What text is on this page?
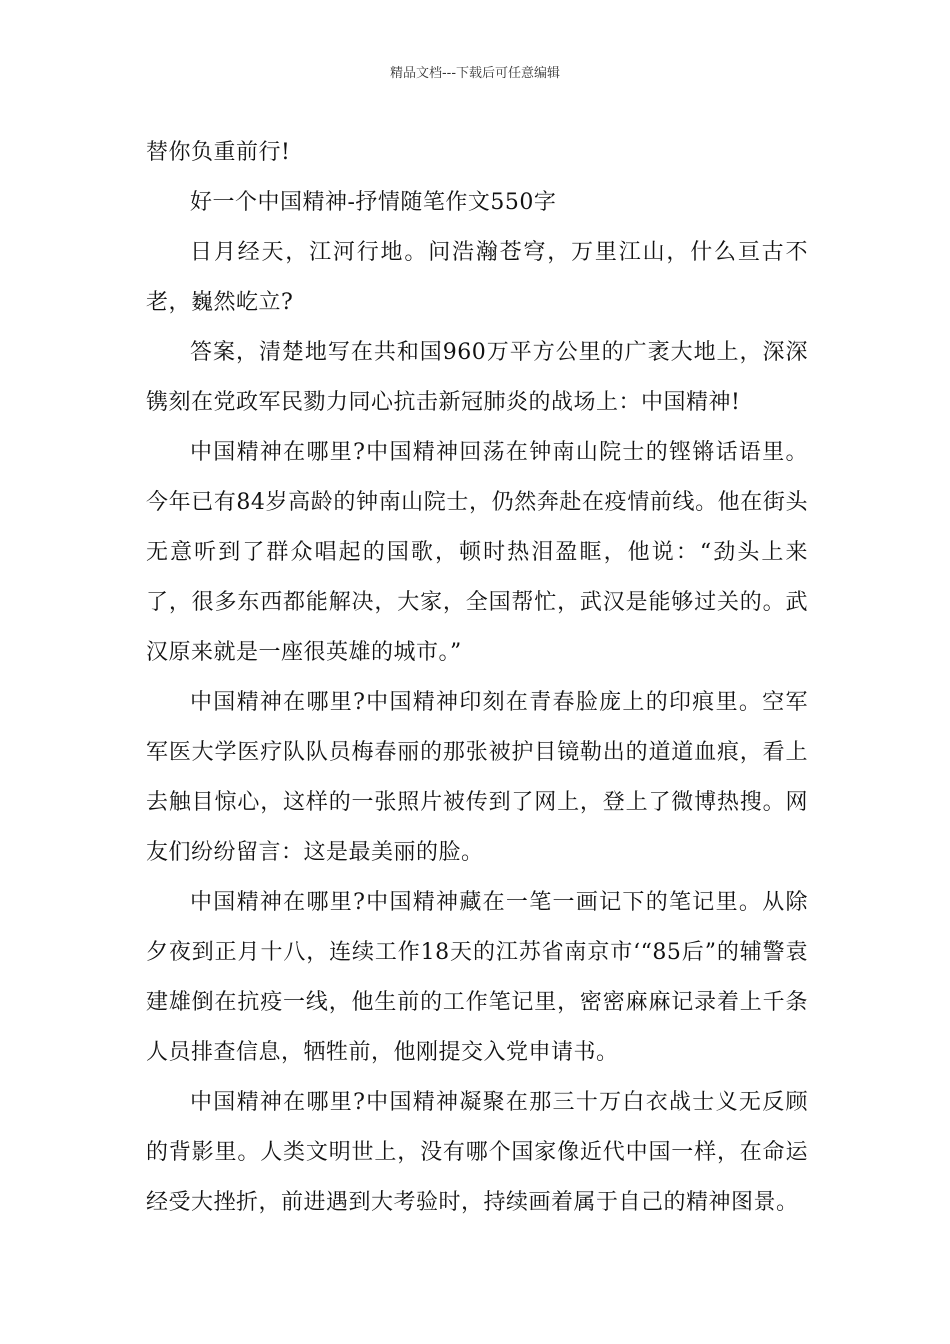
精品文档---下载后可任意编辑

替你负重前行!

好一个中国精神-抒情随笔作文550字

日月经天，江河行地。问浩瀚苍穹，万里江山，什么亘古不老，巍然屹立?

答案，清楚地写在共和国960万平方公里的广袤大地上，深深镌刻在党政军民勠力同心抗击新冠肺炎的战场上：中国精神!

中国精神在哪里?中国精神回荡在钟南山院士的铿锵话语里。今年已有84岁高龄的钟南山院士，仍然奔赴在疫情前线。他在街头无意听到了群众唱起的国歌，顿时热泪盈眶，他说：“劲头上来了，很多东西都能解决，大家，全国帮忙，武汉是能够过关的。武汉原来就是一座很英雄的城市。”

中国精神在哪里?中国精神印刻在青春脸庞上的印痕里。空军军医大学医疗队队员梅春丽的那张被护目镜勒出的道道血痕，看上去触目惊心，这样的一张照片被传到了网上，登上了微博热搜。网友们纷纷留言：这是最美丽的脸。

中国精神在哪里?中国精神藏在一笔一画记下的笔记里。从除夕夜到正月十八，连续工作18天的江苏省南京市‘“85后”的辅警袁建雄倒在抗疫一线，他生前的工作笔记里，密密麻麻记录着上千条人员排查信息，牺牲前，他刚提交入党申请书。

中国精神在哪里?中国精神凝聚在那三十万白衣战士义无反顾的背影里。人类文明世上，没有哪个国家像近代中国一样，在命运经受大挫折，前进遇到大考验时，持续画着属于自己的精神图景。
